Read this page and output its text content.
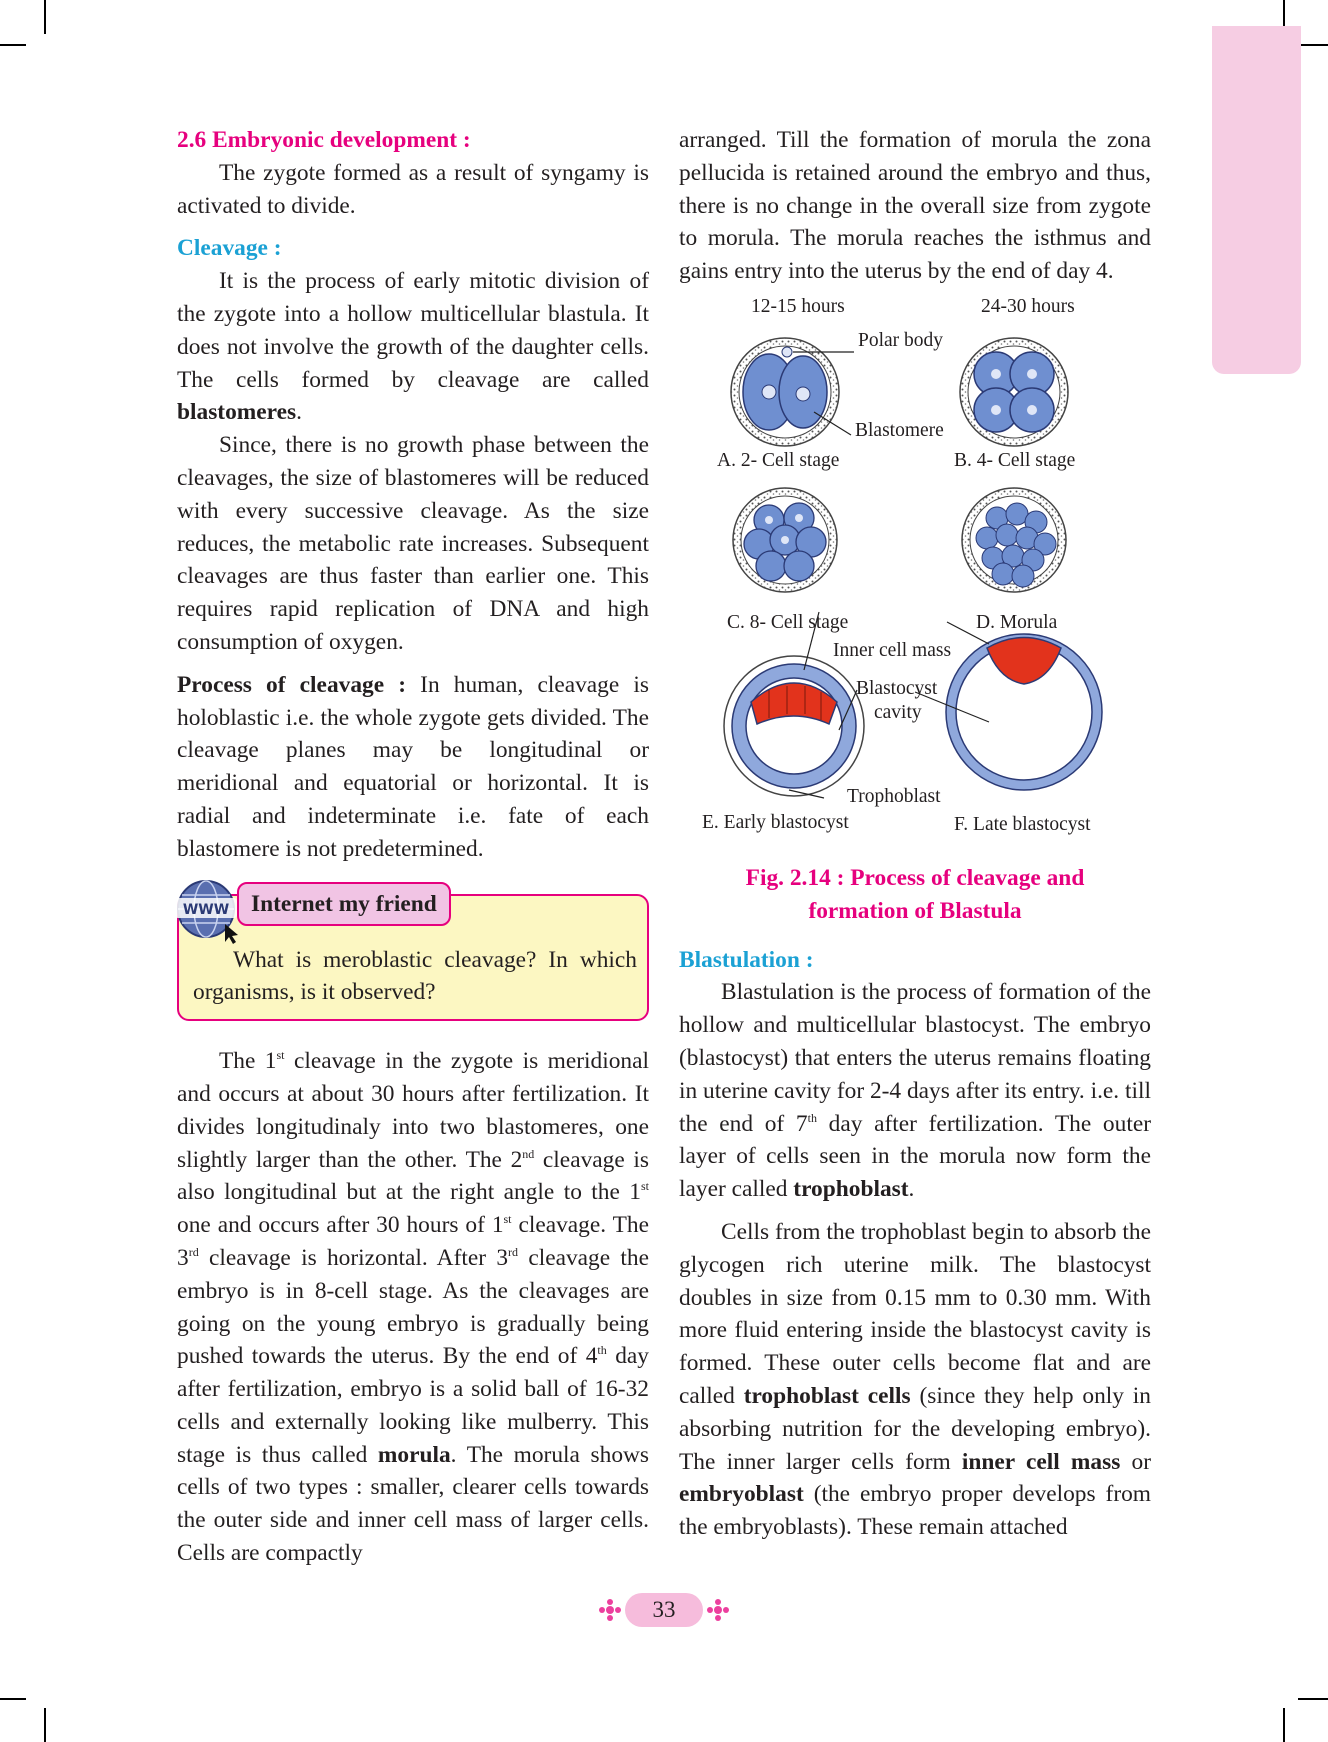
2.6 Embryonic development :

The zygote formed as a result of syngamy is activated to divide.

Cleavage :

It is the process of early mitotic division of the zygote into a hollow multicellular blastula. It does not involve the growth of the daughter cells. The cells formed by cleavage are called blastomeres.

Since, there is no growth phase between the cleavages, the size of blastomeres will be reduced with every successive cleavage. As the size reduces, the metabolic rate increases. Subsequent cleavages are thus faster than earlier one. This requires rapid replication of DNA and high consumption of oxygen.

Process of cleavage : In human, cleavage is holoblastic i.e. the whole zygote gets divided. The cleavage planes may be longitudinal or meridional and equatorial or horizontal. It is radial and indeterminate i.e. fate of each blastomere is not predetermined.

WWW Internet my friend

What is meroblastic cleavage? In which organisms, is it observed?

The 1st cleavage in the zygote is meridional and occurs at about 30 hours after fertilization. It divides longitudinaly into two blastomeres, one slightly larger than the other. The 2nd cleavage is also longitudinal but at the right angle to the 1st one and occurs after 30 hours of 1st cleavage. The 3rd cleavage is horizontal. After 3rd cleavage the embryo is in 8-cell stage. As the cleavages are going on the young embryo is gradually being pushed towards the uterus. By the end of 4th day after fertilization, embryo is a solid ball of 16-32 cells and externally looking like mulberry. This stage is thus called morula. The morula shows cells of two types : smaller, clearer cells towards the outer side and inner cell mass of larger cells. Cells are compactly

arranged. Till the formation of morula the zona pellucida is retained around the embryo and thus, there is no change in the overall size from zygote to morula. The morula reaches the isthmus and gains entry into the uterus by the end of day 4.

12-15 hours	24-30 hours
Polar body
Blastomere
A. 2- Cell stage	B. 4- Cell stage
C. 8- Cell stage	D. Morula
Inner cell mass
Blastocyst
cavity
Trophoblast
E. Early blastocyst	F. Late blastocyst
Fig. 2.14 : Process of cleavage and
formation of Blastula
Blastulation :

Blastulation is the process of formation of the hollow and multicellular blastocyst. The embryo (blastocyst) that enters the uterus remains floating in uterine cavity for 2-4 days after its entry. i.e. till the end of 7th day after fertilization. The outer layer of cells seen in the morula now form the layer called trophoblast.

Cells from the trophoblast begin to absorb the glycogen rich uterine milk. The blastocyst doubles in size from 0.15 mm to 0.30 mm. With more fluid entering inside the blastocyst cavity is formed. These outer cells become flat and are called trophoblast cells (since they help only in absorbing nutrition for the developing embryo). The inner larger cells form inner cell mass or embryoblast (the embryo proper develops from the embryoblasts). These remain attached

33
